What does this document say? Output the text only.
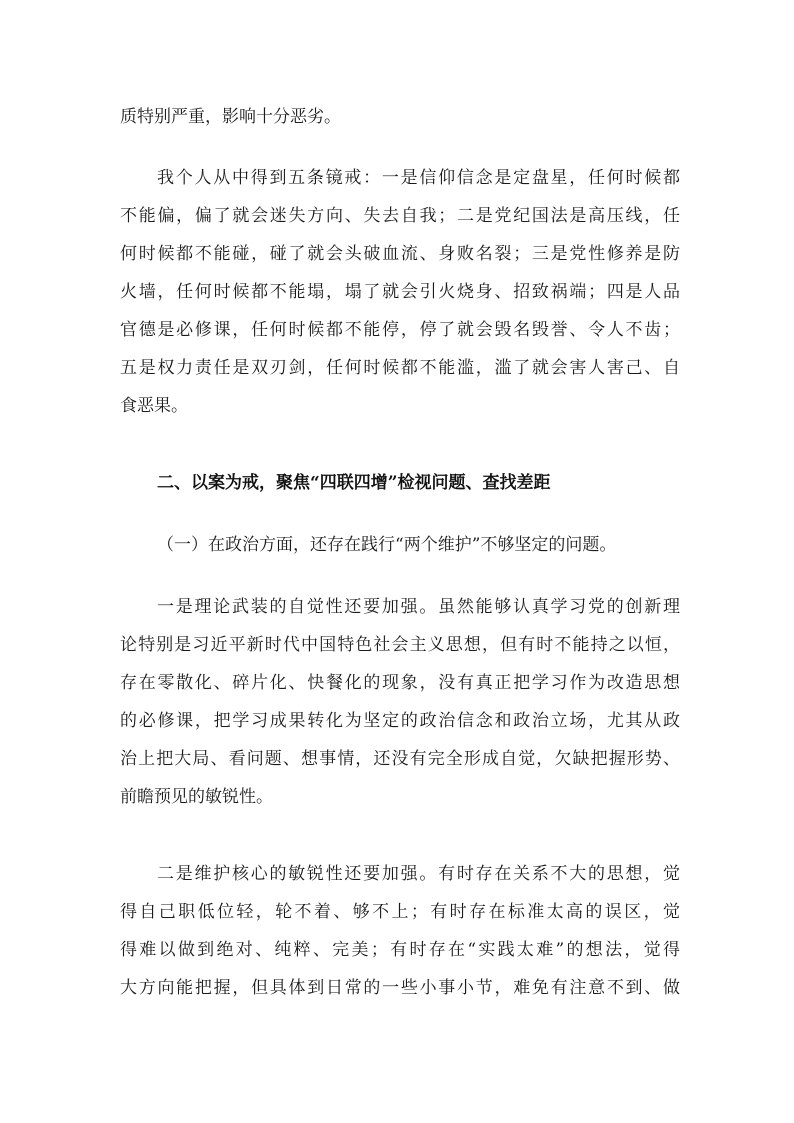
质特别严重，影响十分恶劣。
我个人从中得到五条镜戒：一是信仰信念是定盘星，任何时候都
不能偏，偏了就会迷失方向、失去自我；二是党纪国法是高压线，任
何时候都不能碰，碰了就会头破血流、身败名裂；三是党性修养是防
火墙，任何时候都不能塌，塌了就会引火烧身、招致祸端；四是人品
官德是必修课，任何时候都不能停，停了就会毁名毁誉、令人不齿；
五是权力责任是双刃剑，任何时候都不能滥，滥了就会害人害己、自
食恶果。
二、以案为戒，聚焦“四联四增”检视问题、查找差距
（一）在政治方面，还存在践行“两个维护”不够坚定的问题。
一是理论武装的自觉性还要加强。虽然能够认真学习党的创新理
论特别是习近平新时代中国特色社会主义思想，但有时不能持之以恒，
存在零散化、碎片化、快餐化的现象，没有真正把学习作为改造思想
的必修课，把学习成果转化为坚定的政治信念和政治立场，尤其从政
治上把大局、看问题、想事情，还没有完全形成自觉，欠缺把握形势、
前瞻预见的敏锐性。
二是维护核心的敏锐性还要加强。有时存在关系不大的思想，觉
得自己职低位轻，轮不着、够不上；有时存在标准太高的误区，觉
得难以做到绝对、纯粹、完美；有时存在“实践太难”的想法，觉得
大方向能把握，但具体到日常的一些小事小节，难免有注意不到、做
